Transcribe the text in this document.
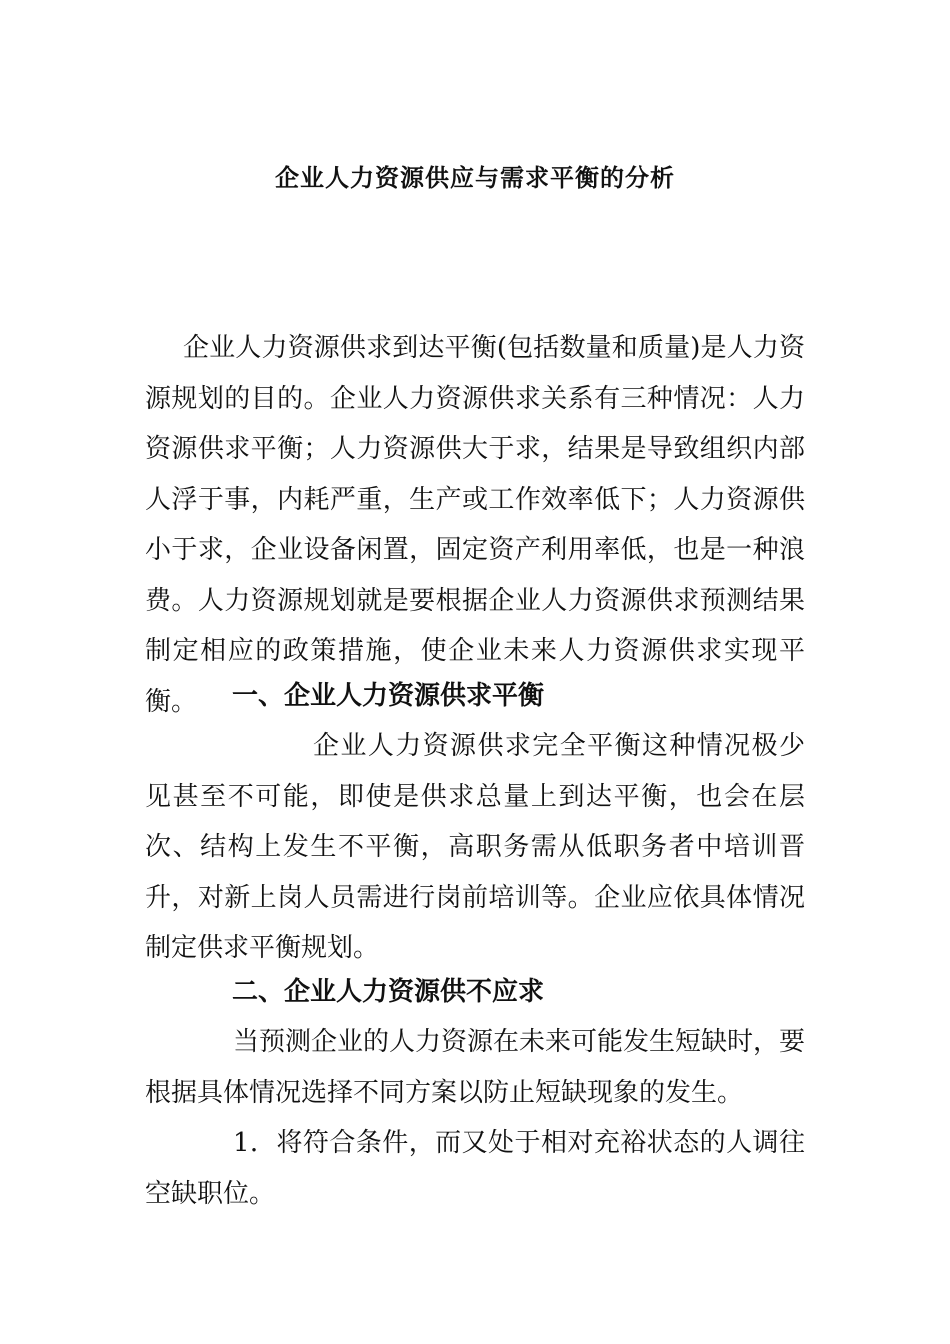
企业人力资源供应与需求平衡的分析
企业人力资源供求到达平衡(包括数量和质量)是人力资源规划的目的。企业人力资源供求关系有三种情况：人力资源供求平衡；人力资源供大于求，结果是导致组织内部人浮于事，内耗严重，生产或工作效率低下；人力资源供小于求，企业设备闲置，固定资产利用率低，也是一种浪费。人力资源规划就是要根据企业人力资源供求预测结果制定相应的政策措施，使企业未来人力资源供求实现平衡。	一、企业人力资源供求平衡
企业人力资源供求完全平衡这种情况极少见甚至不可能，即使是供求总量上到达平衡，也会在层次、结构上发生不平衡，高职务需从低职务者中培训晋升，对新上岗人员需进行岗前培训等。企业应依具体情况制定供求平衡规划。
二、企业人力资源供不应求
当预测企业的人力资源在未来可能发生短缺时，要根据具体情况选择不同方案以防止短缺现象的发生。
1．将符合条件，而又处于相对充裕状态的人调往空缺职位。
